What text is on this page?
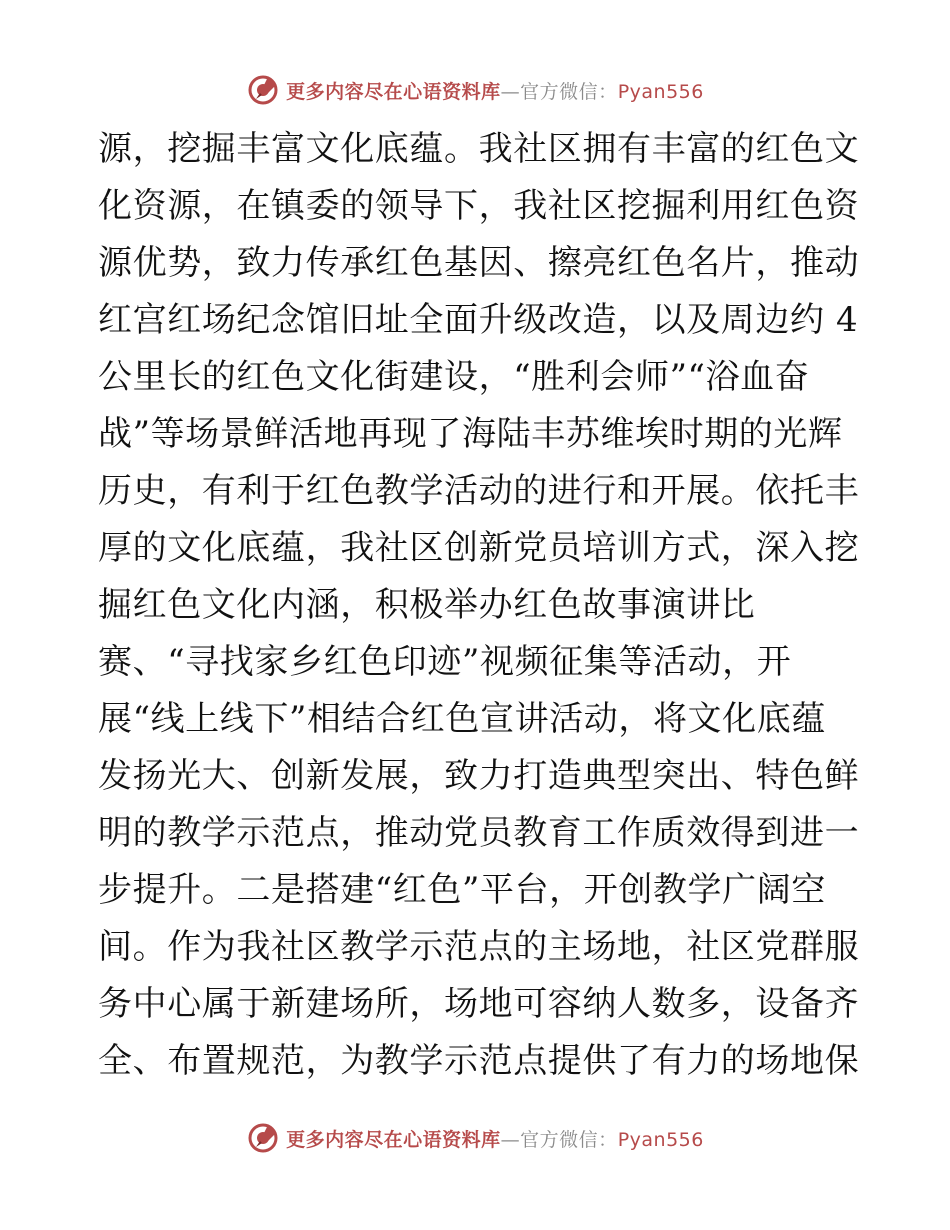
更多内容尽在心语资料库—官方微信：Pyan556
源，挖掘丰富文化底蕴。我社区拥有丰富的红色文
化资源，在镇委的领导下，我社区挖掘利用红色资
源优势，致力传承红色基因、擦亮红色名片，推动
红宫红场纪念馆旧址全面升级改造，以及周边约 4
公里长的红色文化街建设，“胜利会师”“浴血奋
战”等场景鲜活地再现了海陆丰苏维埃时期的光辉
历史，有利于红色教学活动的进行和开展。依托丰
厚的文化底蕴，我社区创新党员培训方式，深入挖
掘红色文化内涵，积极举办红色故事演讲比
赛、“寻找家乡红色印迹”视频征集等活动，开
展“线上线下”相结合红色宣讲活动，将文化底蕴
发扬光大、创新发展，致力打造典型突出、特色鲜
明的教学示范点，推动党员教育工作质效得到进一
步提升。二是搭建“红色”平台，开创教学广阔空
间。作为我社区教学示范点的主场地，社区党群服
务中心属于新建场所，场地可容纳人数多，设备齐
全、布置规范，为教学示范点提供了有力的场地保
更多内容尽在心语资料库—官方微信：Pyan556
